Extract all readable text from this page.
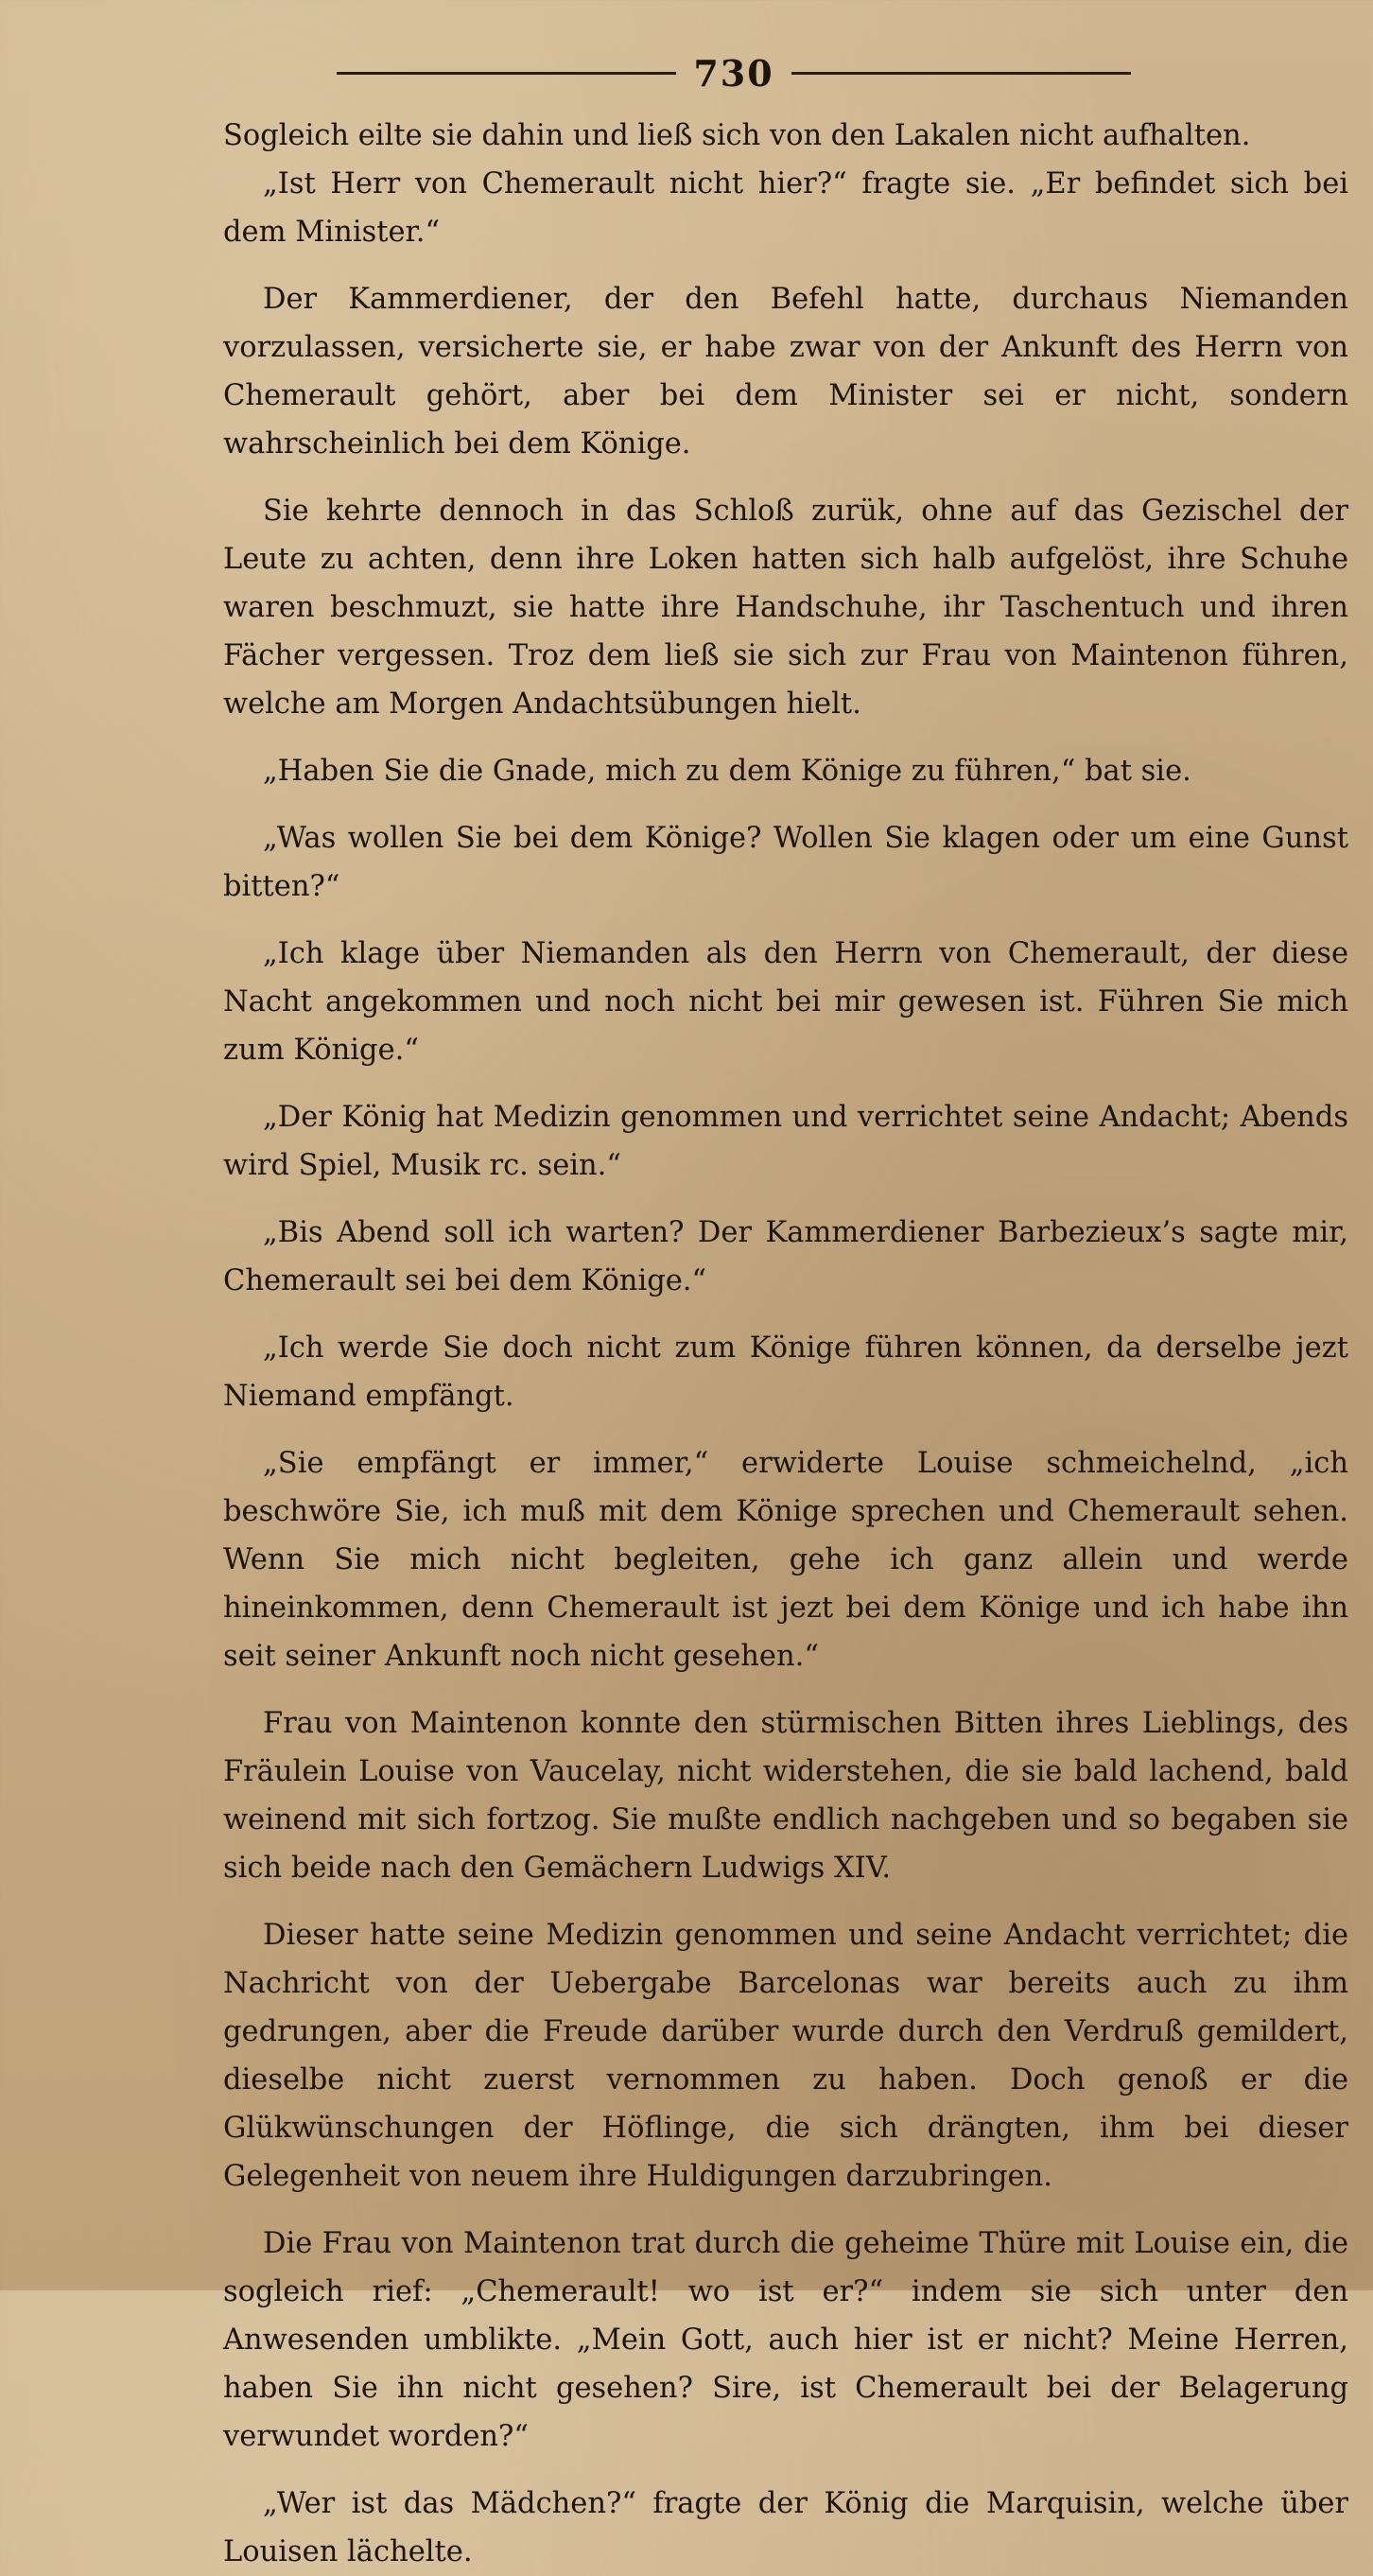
730

Sogleich eilte sie dahin und ließ sich von den Lakalen nicht aufhalten.

„Ist Herr von Chemerault nicht hier?“ fragte sie. „Er befindet sich bei dem Minister.“

Der Kammerdiener, der den Befehl hatte, durchaus Niemanden vorzulassen, versicherte sie, er habe zwar von der Ankunft des Herrn von Chemerault gehört, aber bei dem Minister sei er nicht, sondern wahrscheinlich bei dem Könige.

Sie kehrte dennoch in das Schloß zurük, ohne auf das Gezischel der Leute zu achten, denn ihre Loken hatten sich halb aufgelöst, ihre Schuhe waren beschmuzt, sie hatte ihre Handschuhe, ihr Taschentuch und ihren Fächer vergessen. Troz dem ließ sie sich zur Frau von Maintenon führen, welche am Morgen Andachtsübungen hielt.

„Haben Sie die Gnade, mich zu dem Könige zu führen,“ bat sie.

„Was wollen Sie bei dem Könige? Wollen Sie klagen oder um eine Gunst bitten?“

„Ich klage über Niemanden als den Herrn von Chemerault, der diese Nacht angekommen und noch nicht bei mir gewesen ist. Führen Sie mich zum Könige.“

„Der König hat Medizin genommen und verrichtet seine Andacht; Abends wird Spiel, Musik rc. sein.“

„Bis Abend soll ich warten? Der Kammerdiener Barbezieux’s sagte mir, Chemerault sei bei dem Könige.“

„Ich werde Sie doch nicht zum Könige führen können, da derselbe jezt Niemand empfängt.

„Sie empfängt er immer,“ erwiderte Louise schmeichelnd, „ich beschwöre Sie, ich muß mit dem Könige sprechen und Chemerault sehen. Wenn Sie mich nicht begleiten, gehe ich ganz allein und werde hineinkommen, denn Chemerault ist jezt bei dem Könige und ich habe ihn seit seiner Ankunft noch nicht gesehen.“

Frau von Maintenon konnte den stürmischen Bitten ihres Lieblings, des Fräulein Louise von Vaucelay, nicht widerstehen, die sie bald lachend, bald weinend mit sich fortzog. Sie mußte endlich nachgeben und so begaben sie sich beide nach den Gemächern Ludwigs XIV.

Dieser hatte seine Medizin genommen und seine Andacht verrichtet; die Nachricht von der Uebergabe Barcelonas war bereits auch zu ihm gedrungen, aber die Freude darüber wurde durch den Verdruß gemildert, dieselbe nicht zuerst vernommen zu haben. Doch genoß er die Glükwünschungen der Höflinge, die sich drängten, ihm bei dieser Gelegenheit von neuem ihre Huldigungen darzubringen.

Die Frau von Maintenon trat durch die geheime Thüre mit Louise ein, die sogleich rief: „Chemerault! wo ist er?“ indem sie sich unter den Anwesenden umblikte. „Mein Gott, auch hier ist er nicht? Meine Herren, haben Sie ihn nicht gesehen? Sire, ist Chemerault bei der Belagerung verwundet worden?“

„Wer ist das Mädchen?“ fragte der König die Marquisin, welche über Louisen lächelte.
